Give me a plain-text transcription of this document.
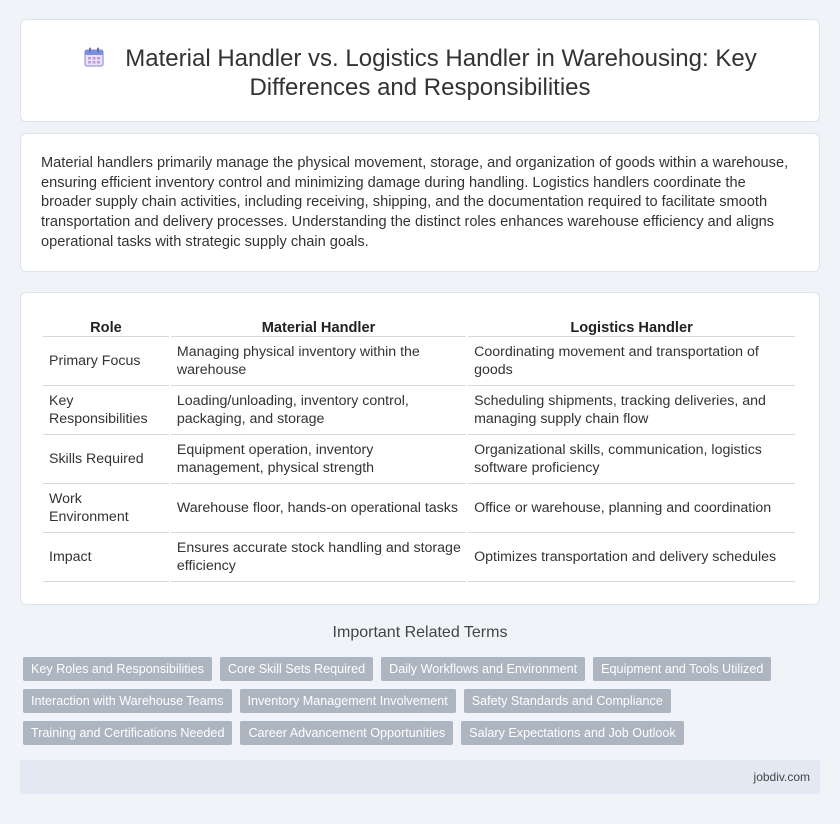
Material Handler vs. Logistics Handler in Warehousing: Key Differences and Responsibilities

Material handlers primarily manage the physical movement, storage, and organization of goods within a warehouse, ensuring efficient inventory control and minimizing damage during handling. Logistics handlers coordinate the broader supply chain activities, including receiving, shipping, and the documentation required to facilitate smooth transportation and delivery processes. Understanding the distinct roles enhances warehouse efficiency and aligns operational tasks with strategic supply chain goals.

Role	Material Handler	Logistics Handler
Primary Focus	Managing physical inventory within the warehouse	Coordinating movement and transportation of goods
Key Responsibilities	Loading/unloading, inventory control, packaging, and storage	Scheduling shipments, tracking deliveries, and managing supply chain flow
Skills Required	Equipment operation, inventory management, physical strength	Organizational skills, communication, logistics software proficiency
Work Environment	Warehouse floor, hands-on operational tasks	Office or warehouse, planning and coordination
Impact	Ensures accurate stock handling and storage efficiency	Optimizes transportation and delivery schedules
Important Related Terms
Key Roles and Responsibilities	Core Skill Sets Required	Daily Workflows and Environment	Equipment and Tools Utilized
Interaction with Warehouse Teams	Inventory Management Involvement	Safety Standards and Compliance
Training and Certifications Needed	Career Advancement Opportunities	Salary Expectations and Job Outlook
jobdiv.com
